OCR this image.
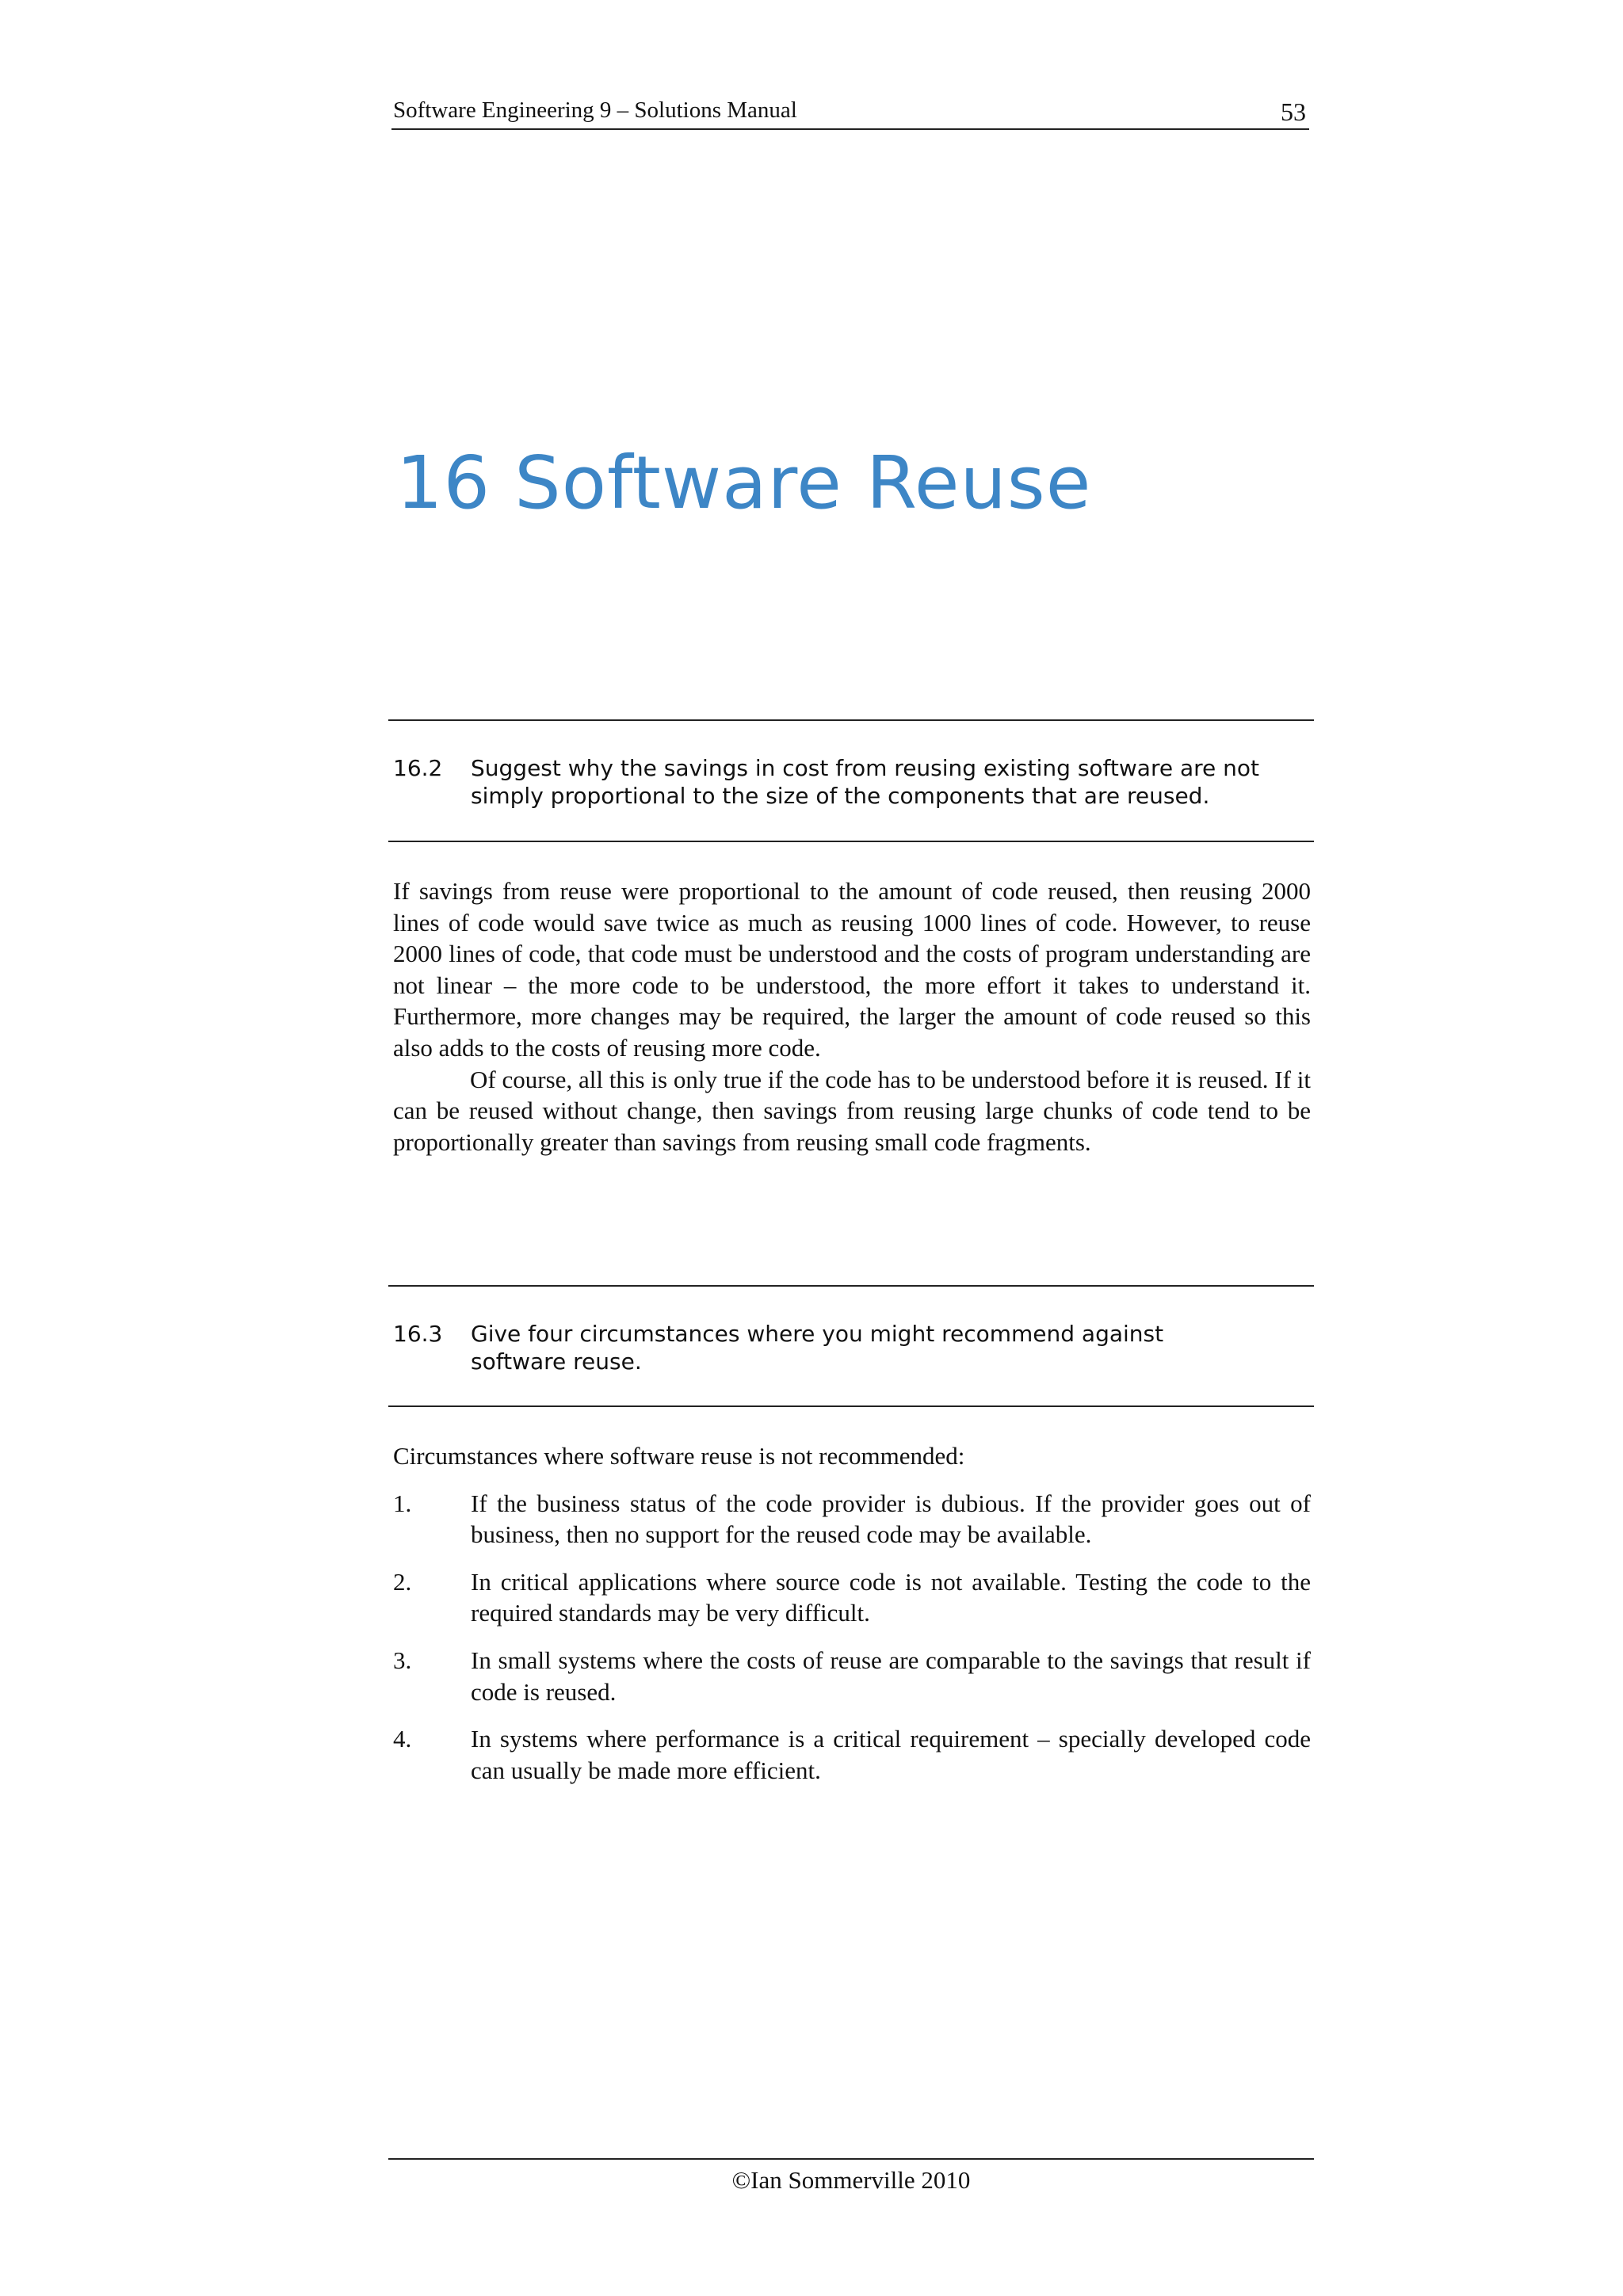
Software Engineering 9 – Solutions Manual	53
16 Software Reuse
16.2 Suggest why the savings in cost from reusing existing software are not simply proportional to the size of the components that are reused.

If savings from reuse were proportional to the amount of code reused, then reusing 2000 lines of code would save twice as much as reusing 1000 lines of code. However, to reuse 2000 lines of code, that code must be understood and the costs of program understanding are not linear – the more code to be understood, the more effort it takes to understand it. Furthermore, more changes may be required, the larger the amount of code reused so this also adds to the costs of reusing more code.

Of course, all this is only true if the code has to be understood before it is reused. If it can be reused without change, then savings from reusing large chunks of code tend to be proportionally greater than savings from reusing small code fragments.

16.3 Give four circumstances where you might recommend against software reuse.

Circumstances where software reuse is not recommended:

1. If the business status of the code provider is dubious. If the provider goes out of business, then no support for the reused code may be available.
2. In critical applications where source code is not available. Testing the code to the required standards may be very difficult.
3. In small systems where the costs of reuse are comparable to the savings that result if code is reused.
4. In systems where performance is a critical requirement – specially developed code can usually be made more efficient.
©Ian Sommerville 2010
